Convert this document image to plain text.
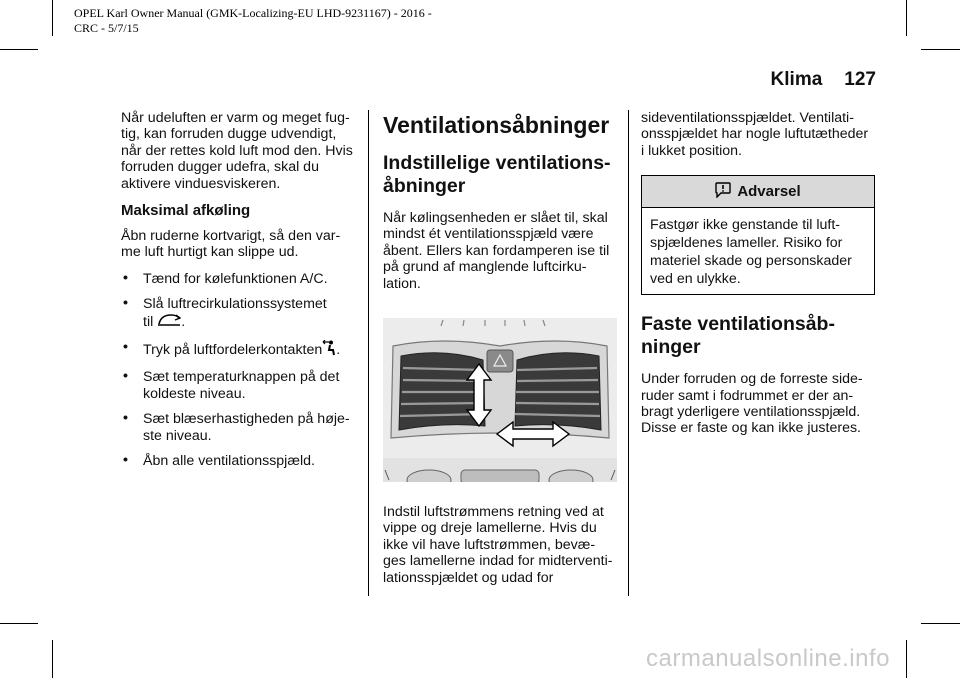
OPEL Karl Owner Manual (GMK-Localizing-EU LHD-9231167) - 2016 -
CRC - 5/7/15
Klima 127

Når udeluften er varm og meget fug-tig, kan forruden dugge udvendigt, når der rettes kold luft mod den. Hvis forruden dugger udefra, skal du aktivere vinduesviskeren.

Maksimal afkøling

Åbn ruderne kortvarigt, så den var-me luft hurtigt kan slippe ud.

• Tænd for kølefunktionen A/C.
• Slå luftrecirkulationssystemet
til .
• Tryk på luftfordelerkontakten .
• Sæt temperaturknappen på det koldeste niveau.
• Sæt blæserhastigheden på høje-ste niveau.
• Åbn alle ventilationsspjæld.
Ventilationsåbninger
Indstillelige ventilations-åbninger

Når kølingsenheden er slået til, skal mindst ét ventilationsspjæld være åbent. Ellers kan fordamperen ise til på grund af manglende luftcirku-lation.

Indstil luftstrømmens retning ved at vippe og dreje lamellerne. Hvis du ikke vil have luftstrømmen, bevæ-ges lamellerne indad for midterventi-lationsspjældet og udad for

sideventilationsspjældet. Ventilati-onsspjældet har nogle luftutætheder i lukket position.

Advarsel
Fastgør ikke genstande til luft-spjældenes lameller. Risiko for materiel skade og personskader ved en ulykke.
Faste ventilationsåb-ninger

Under forruden og de forreste side-ruder samt i fodrummet er der an-bragt yderligere ventilationsspjæld. Disse er faste og kan ikke justeres.

carmanualsonline.info
